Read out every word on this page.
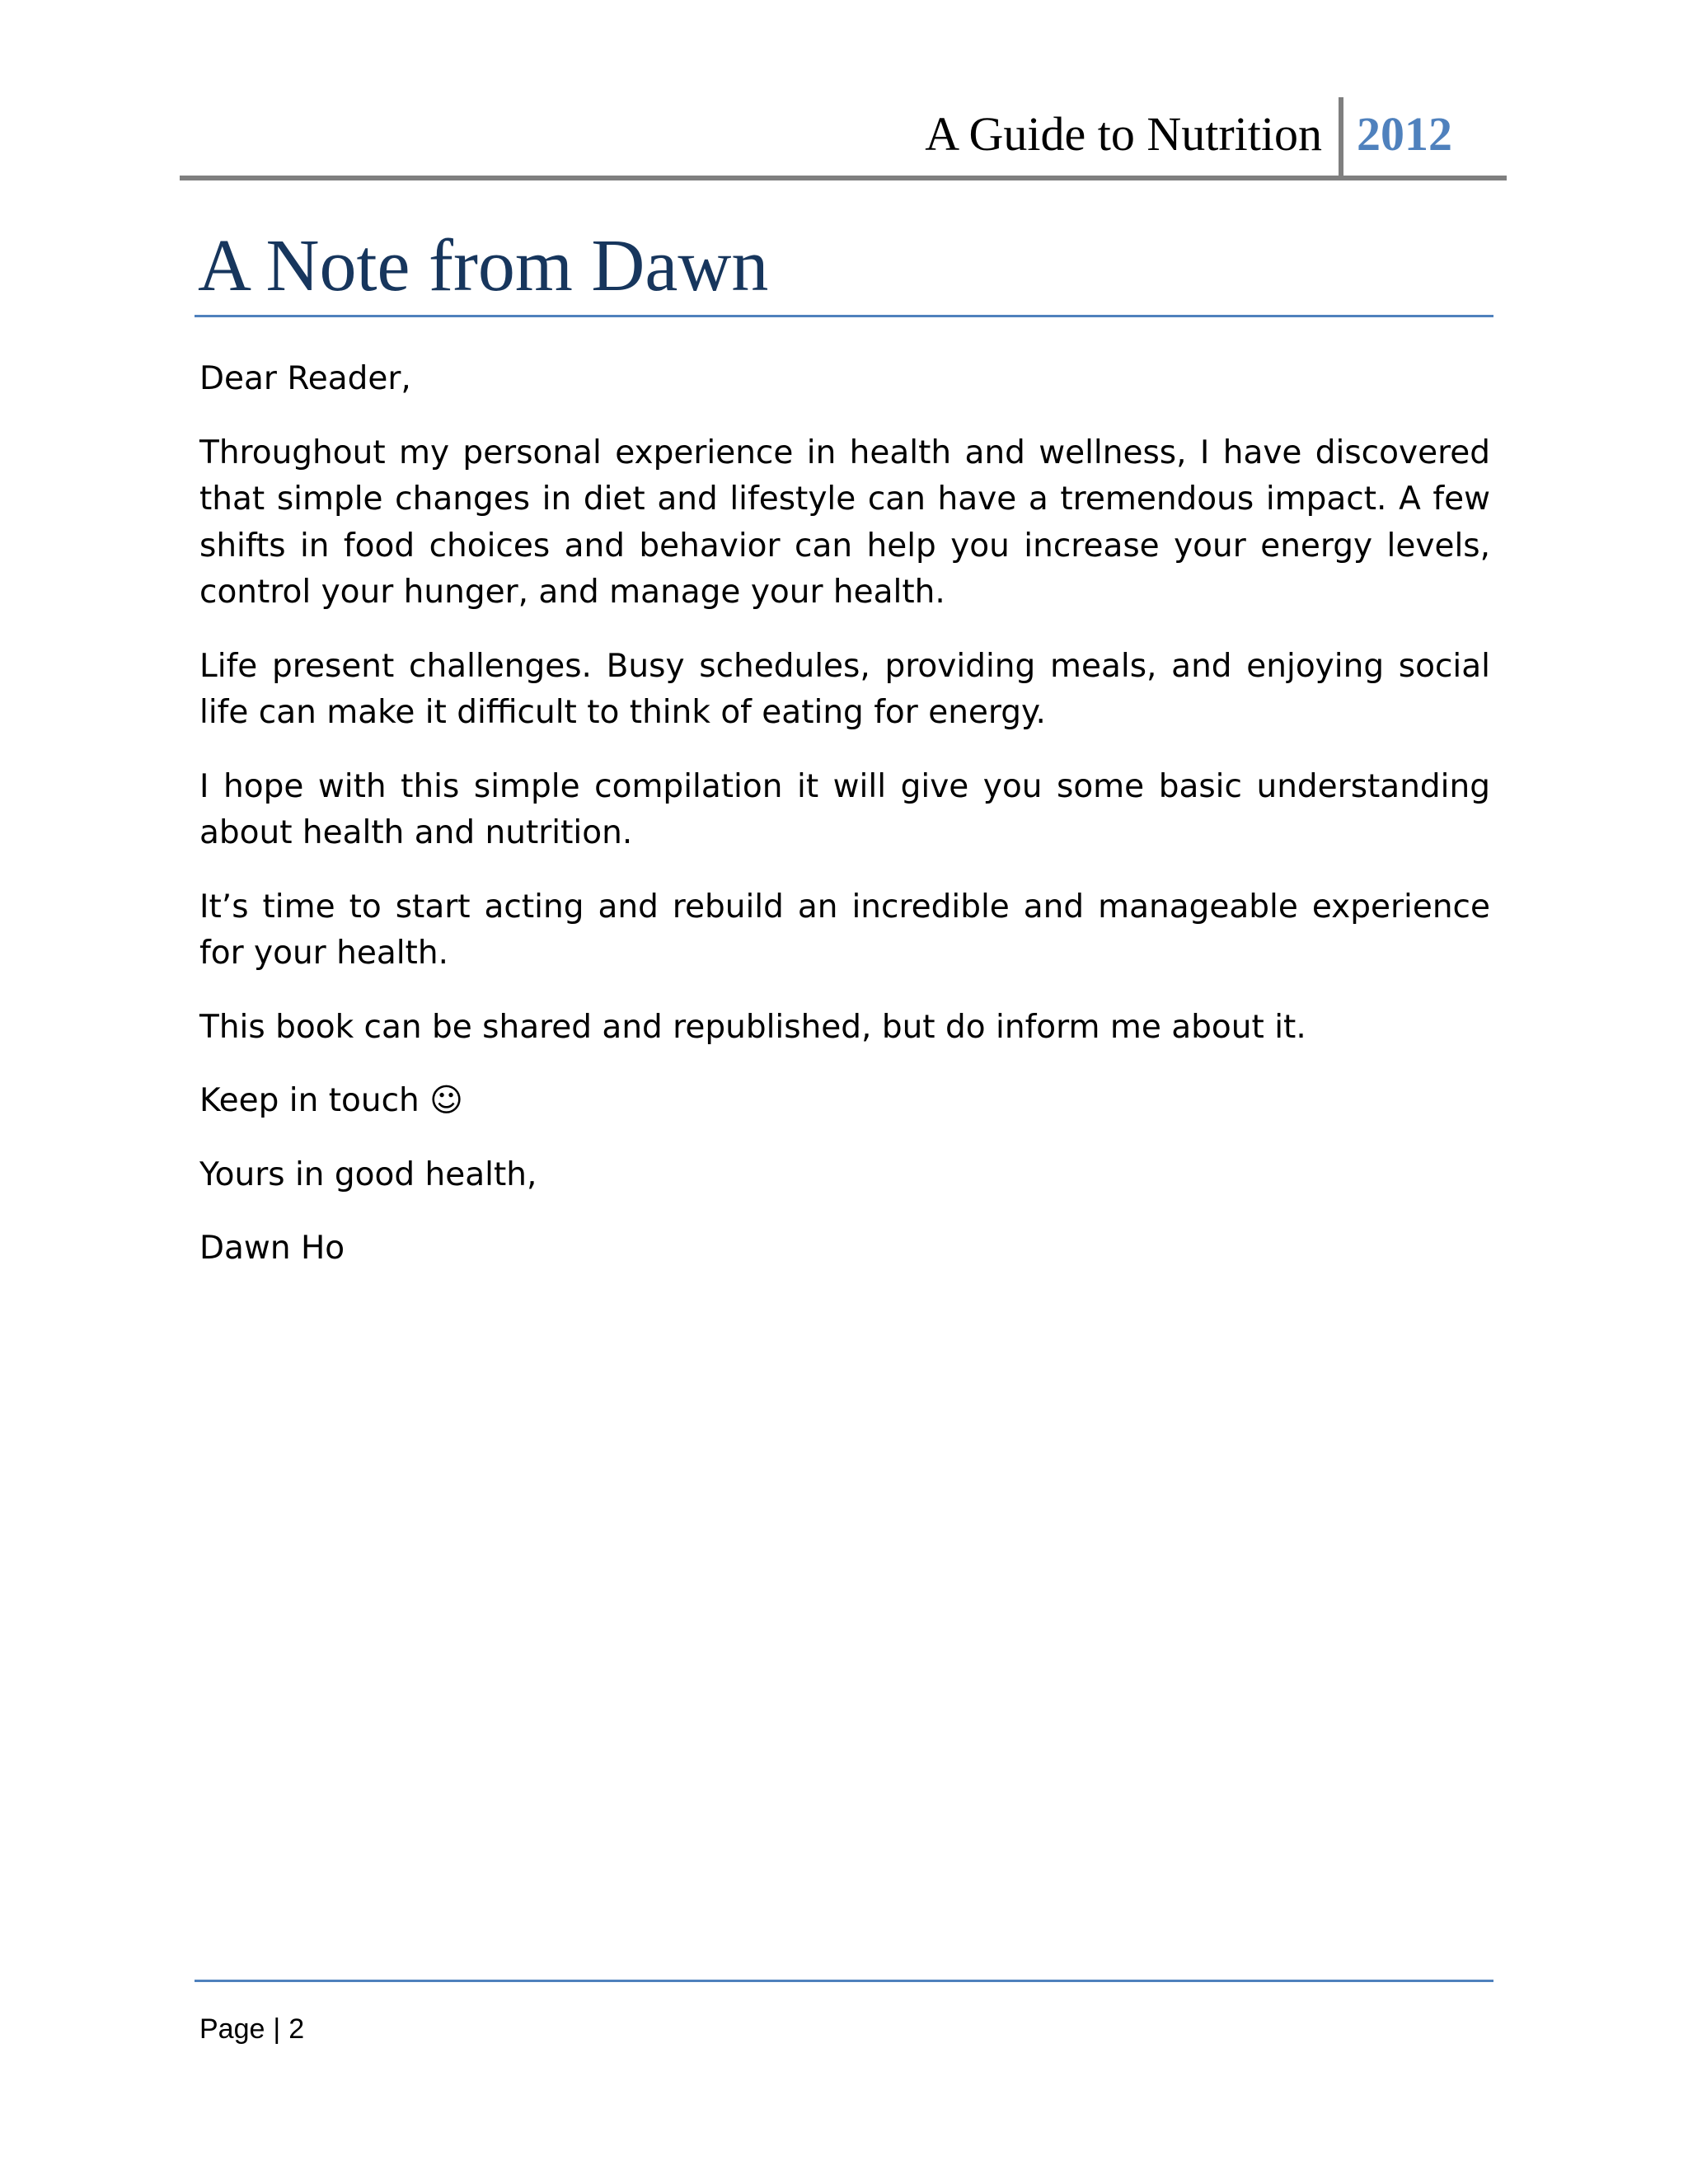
A Guide to Nutrition 2012
A Note from Dawn

Dear Reader,

Throughout my personal experience in health and wellness, I have discovered that simple changes in diet and lifestyle can have a tremendous impact. A few shifts in food choices and behavior can help you increase your energy levels, control your hunger, and manage your health.

Life present challenges. Busy schedules, providing meals, and enjoying social life can make it difficult to think of eating for energy.

I hope with this simple compilation it will give you some basic understanding about health and nutrition.

It’s time to start acting and rebuild an incredible and manageable experience for your health.

This book can be shared and republished, but do inform me about it.

Keep in touch ☺

Yours in good health,

Dawn Ho

Page | 2
